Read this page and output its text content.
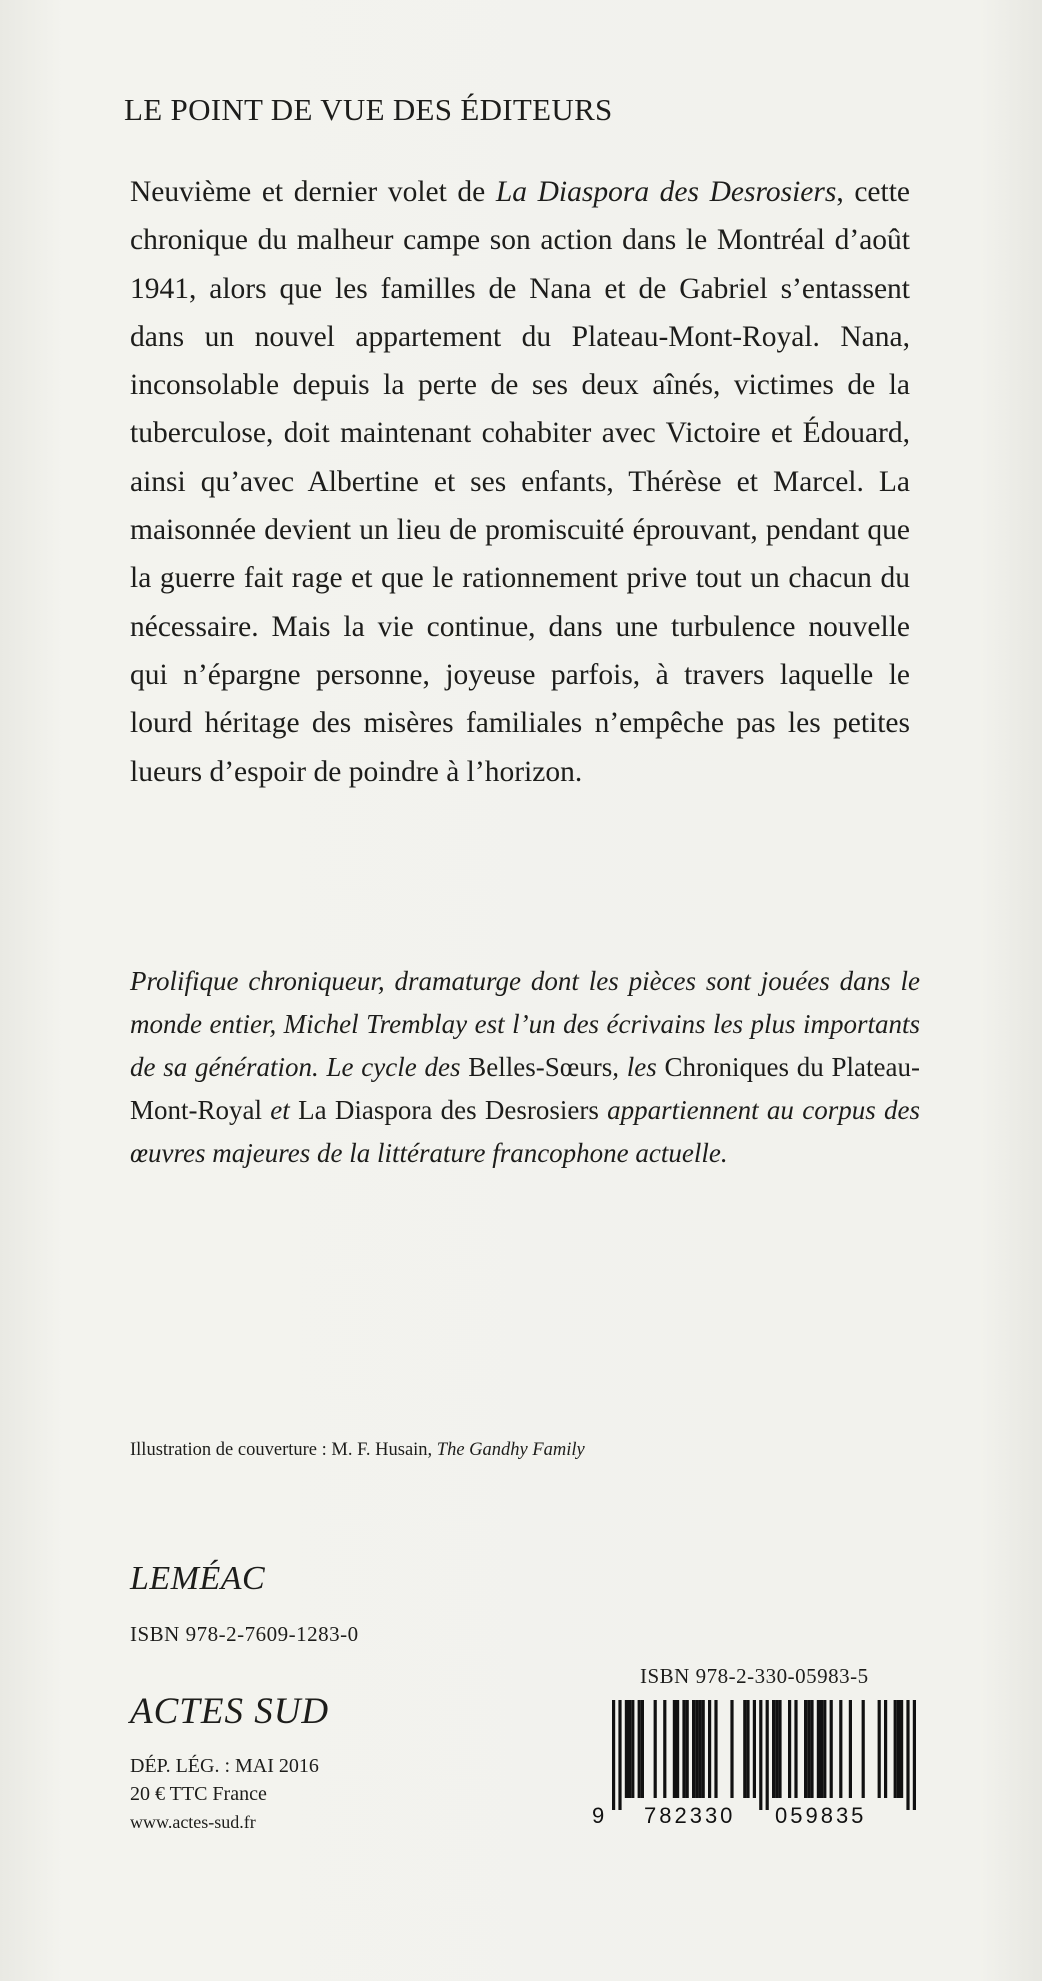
LE POINT DE VUE DES ÉDITEURS
Neuvième et dernier volet de La Diaspora des Desrosiers, cette chronique du malheur campe son action dans le Montréal d’août 1941, alors que les familles de Nana et de Gabriel s’entassent dans un nouvel appartement du Plateau-Mont-Royal. Nana, inconsolable depuis la perte de ses deux aînés, victimes de la tuberculose, doit maintenant cohabiter avec Victoire et Édouard, ainsi qu’avec Albertine et ses enfants, Thérèse et Marcel. La maisonnée devient un lieu de promiscuité éprouvant, pendant que la guerre fait rage et que le rationnement prive tout un chacun du nécessaire. Mais la vie continue, dans une turbulence nouvelle qui n’épargne personne, joyeuse parfois, à travers laquelle le lourd héritage des misères familiales n’empêche pas les petites lueurs d’espoir de poindre à l’horizon.

Prolifique chroniqueur, dramaturge dont les pièces sont jouées dans le monde entier, Michel Tremblay est l’un des écrivains les plus importants de sa génération. Le cycle des Belles-Sœurs, les Chroniques du Plateau-Mont-Royal et La Diaspora des Desrosiers appartiennent au corpus des œuvres majeures de la littérature francophone actuelle.

Illustration de couverture : M. F. Husain, The Gandhy Family
LEMÉAC
ISBN 978-2-7609-1283-0
ISBN 978-2-330-05983-5
ACTES SUD
DÉP. LÉG. : MAI 2016
20 € TTC France
www.actes-sud.fr	9 782330 059835
